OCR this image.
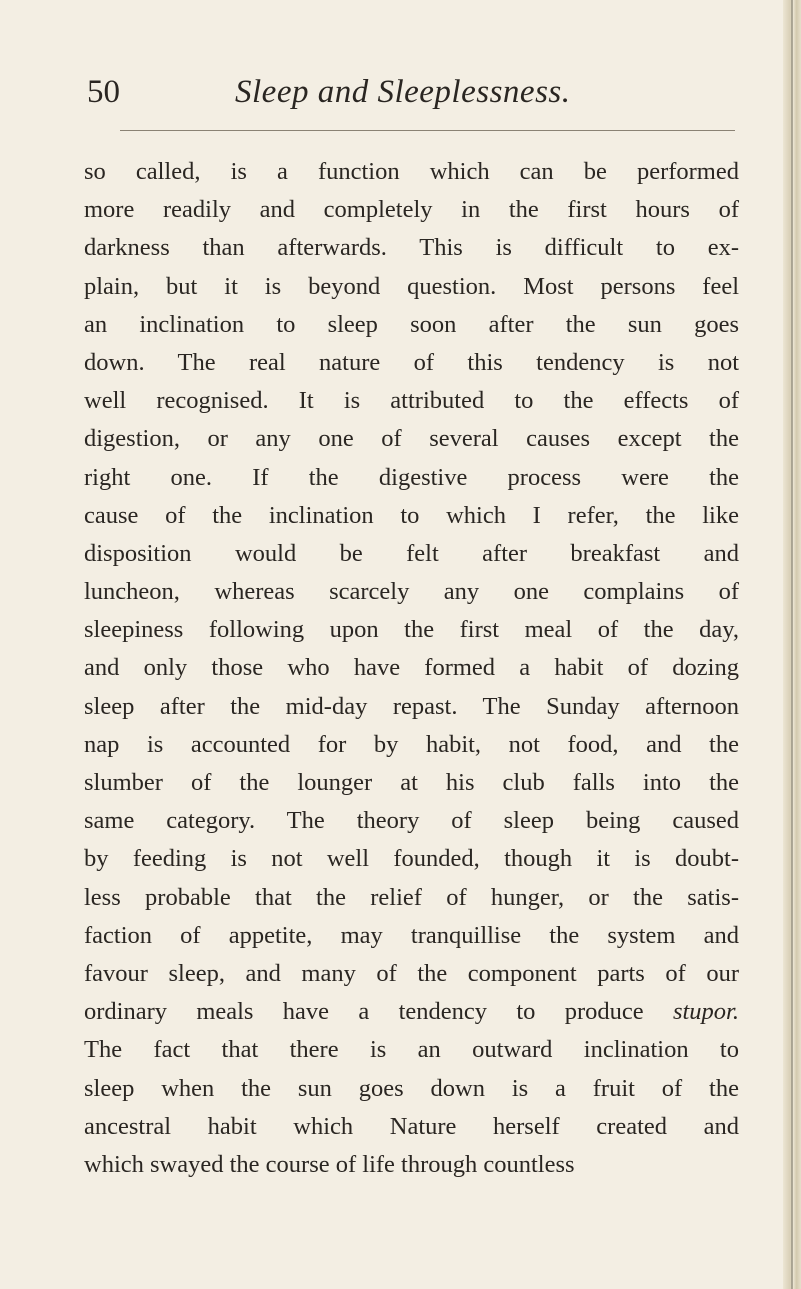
50	Sleep and Sleeplessness.
so called, is a function which can be performed
more readily and completely in the first hours of
darkness than afterwards. This is difficult to ex-
plain, but it is beyond question. Most persons feel
an inclination to sleep soon after the sun goes
down. The real nature of this tendency is not
well recognised. It is attributed to the effects of
digestion, or any one of several causes except the
right one. If the digestive process were the
cause of the inclination to which I refer, the like
disposition would be felt after breakfast and
luncheon, whereas scarcely any one complains of
sleepiness following upon the first meal of the day,
and only those who have formed a habit of dozing
sleep after the mid-day repast. The Sunday afternoon
nap is accounted for by habit, not food, and the
slumber of the lounger at his club falls into the
same category. The theory of sleep being caused
by feeding is not well founded, though it is doubt-
less probable that the relief of hunger, or the satis-
faction of appetite, may tranquillise the system and
favour sleep, and many of the component parts of our
ordinary meals have a tendency to produce stupor.
The fact that there is an outward inclination to
sleep when the sun goes down is a fruit of the
ancestral habit which Nature herself created and
which swayed the course of life through countless
